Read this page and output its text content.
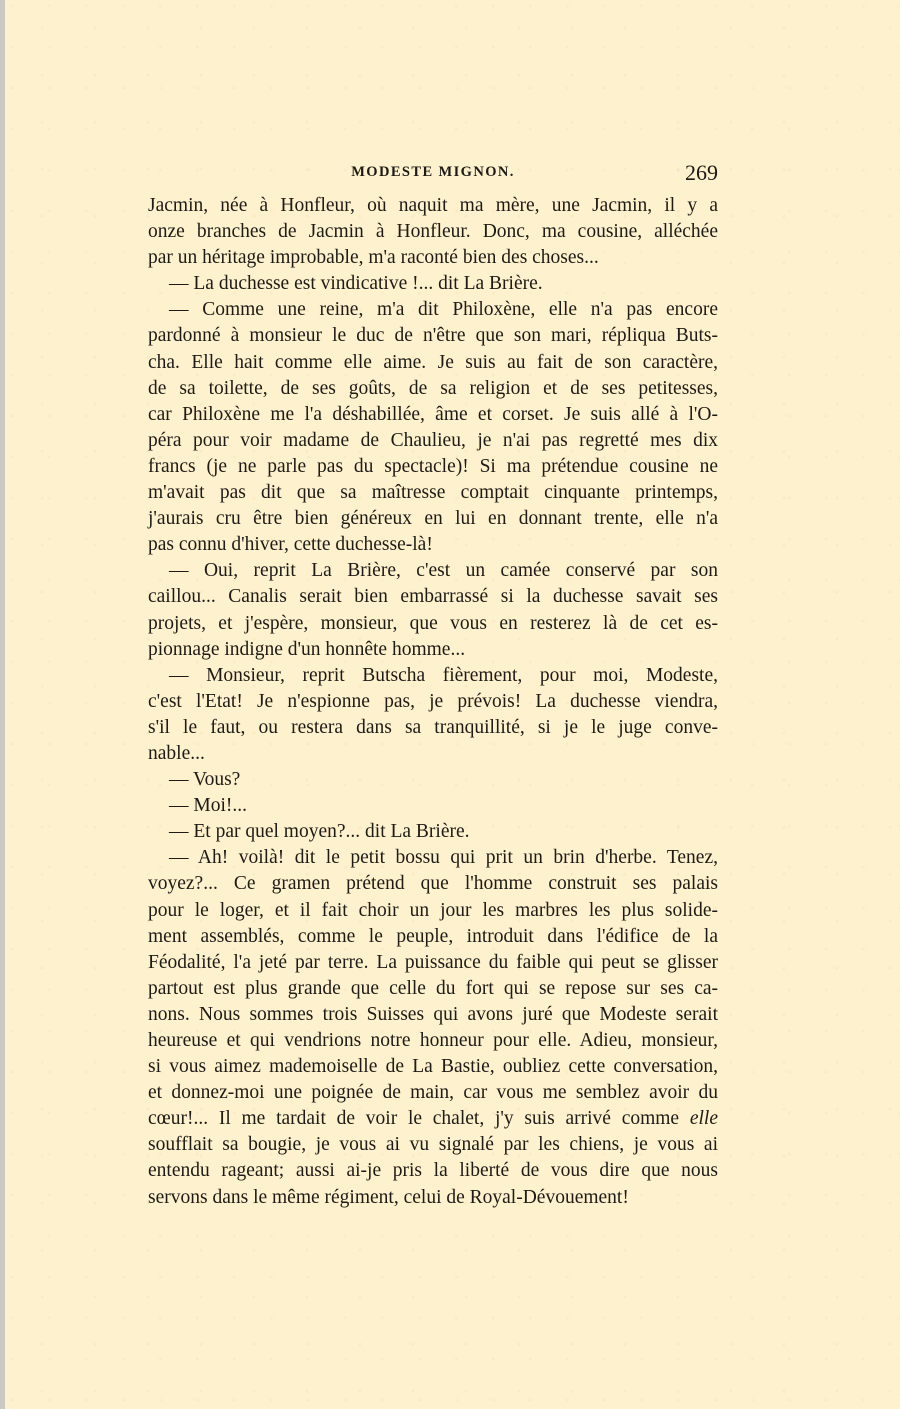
MODESTE MIGNON.	269
Jacmin, née à Honfleur, où naquit ma mère, une Jacmin, il y a
onze branches de Jacmin à Honfleur. Donc, ma cousine, alléchée
par un héritage improbable, m'a raconté bien des choses...
— La duchesse est vindicative !... dit La Brière.
— Comme une reine, m'a dit Philoxène, elle n'a pas encore
pardonné à monsieur le duc de n'être que son mari, répliqua Buts-
cha. Elle hait comme elle aime. Je suis au fait de son caractère,
de sa toilette, de ses goûts, de sa religion et de ses petitesses,
car Philoxène me l'a déshabillée, âme et corset. Je suis allé à l'O-
péra pour voir madame de Chaulieu, je n'ai pas regretté mes dix
francs (je ne parle pas du spectacle)! Si ma prétendue cousine ne
m'avait pas dit que sa maîtresse comptait cinquante printemps,
j'aurais cru être bien généreux en lui en donnant trente, elle n'a
pas connu d'hiver, cette duchesse-là!
— Oui, reprit La Brière, c'est un camée conservé par son
caillou... Canalis serait bien embarrassé si la duchesse savait ses
projets, et j'espère, monsieur, que vous en resterez là de cet es-
pionnage indigne d'un honnête homme...
— Monsieur, reprit Butscha fièrement, pour moi, Modeste,
c'est l'Etat! Je n'espionne pas, je prévois! La duchesse viendra,
s'il le faut, ou restera dans sa tranquillité, si je le juge conve-
nable...
— Vous?
— Moi!...
— Et par quel moyen?... dit La Brière.
— Ah! voilà! dit le petit bossu qui prit un brin d'herbe. Tenez,
voyez?... Ce gramen prétend que l'homme construit ses palais
pour le loger, et il fait choir un jour les marbres les plus solide-
ment assemblés, comme le peuple, introduit dans l'édifice de la
Féodalité, l'a jeté par terre. La puissance du faible qui peut se glisser
partout est plus grande que celle du fort qui se repose sur ses ca-
nons. Nous sommes trois Suisses qui avons juré que Modeste serait
heureuse et qui vendrions notre honneur pour elle. Adieu, monsieur,
si vous aimez mademoiselle de La Bastie, oubliez cette conversation,
et donnez-moi une poignée de main, car vous me semblez avoir du
cœur!... Il me tardait de voir le chalet, j'y suis arrivé comme elle
soufflait sa bougie, je vous ai vu signalé par les chiens, je vous ai
entendu rageant; aussi ai-je pris la liberté de vous dire que nous
servons dans le même régiment, celui de Royal-Dévouement!
